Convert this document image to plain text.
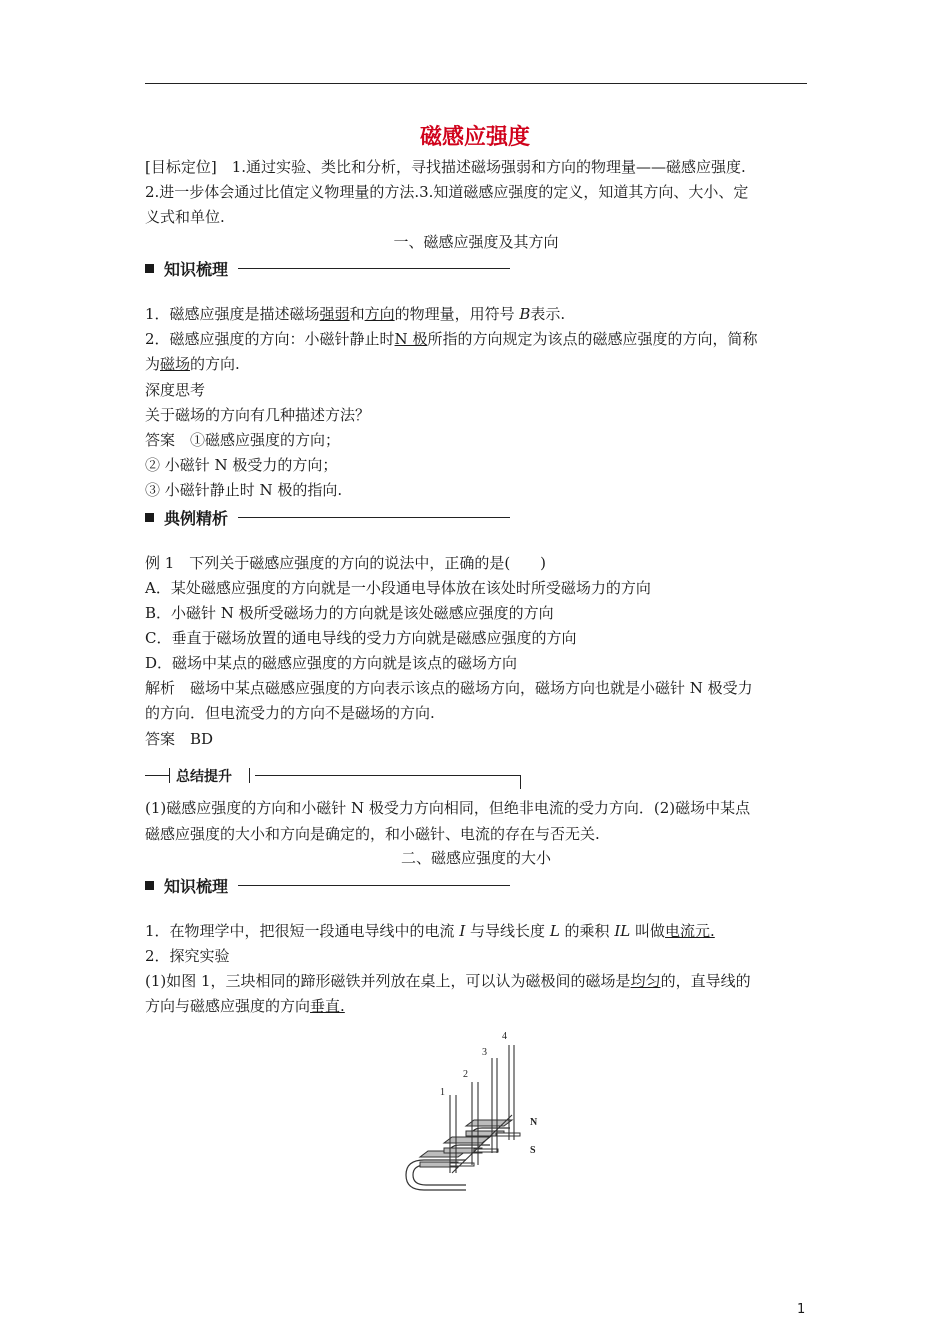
磁感应强度
[目标定位]　1.通过实验、类比和分析，寻找描述磁场强弱和方向的物理量——磁感应强度.
2.进一步体会通过比值定义物理量的方法.3.知道磁感应强度的定义，知道其方向、大小、定
义式和单位.
一、磁感应强度及其方向
知识梳理
1．磁感应强度是描述磁场强弱和方向的物理量，用符号 B表示.
2．磁感应强度的方向：小磁针静止时N 极所指的方向规定为该点的磁感应强度的方向，简称
为磁场的方向.
深度思考
关于磁场的方向有几种描述方法？
答案　①磁感应强度的方向；
② 小磁针 N 极受力的方向；
③ 小磁针静止时 N 极的指向.
典例精析
例 1　下列关于磁感应强度的方向的说法中，正确的是(　　)
A．某处磁感应强度的方向就是一小段通电导体放在该处时所受磁场力的方向
B．小磁针 N 极所受磁场力的方向就是该处磁感应强度的方向
C．垂直于磁场放置的通电导线的受力方向就是磁感应强度的方向
D．磁场中某点的磁感应强度的方向就是该点的磁场方向
解析　磁场中某点磁感应强度的方向表示该点的磁场方向，磁场方向也就是小磁针 N 极受力
的方向．但电流受力的方向不是磁场的方向.
答案　BD
总结提升
(1)磁感应强度的方向和小磁针 N 极受力方向相同，但绝非电流的受力方向．(2)磁场中某点
磁感应强度的大小和方向是确定的，和小磁针、电流的存在与否无关.
二、磁感应强度的大小
知识梳理
1．在物理学中，把很短一段通电导线中的电流 I 与导线长度 L 的乘积 IL 叫做电流元.
2．探究实验
(1)如图 1，三块相同的蹄形磁铁并列放在桌上，可以认为磁极间的磁场是均匀的，直导线的
方向与磁感应强度的方向垂直.
1
2
3
4
N
S
1
